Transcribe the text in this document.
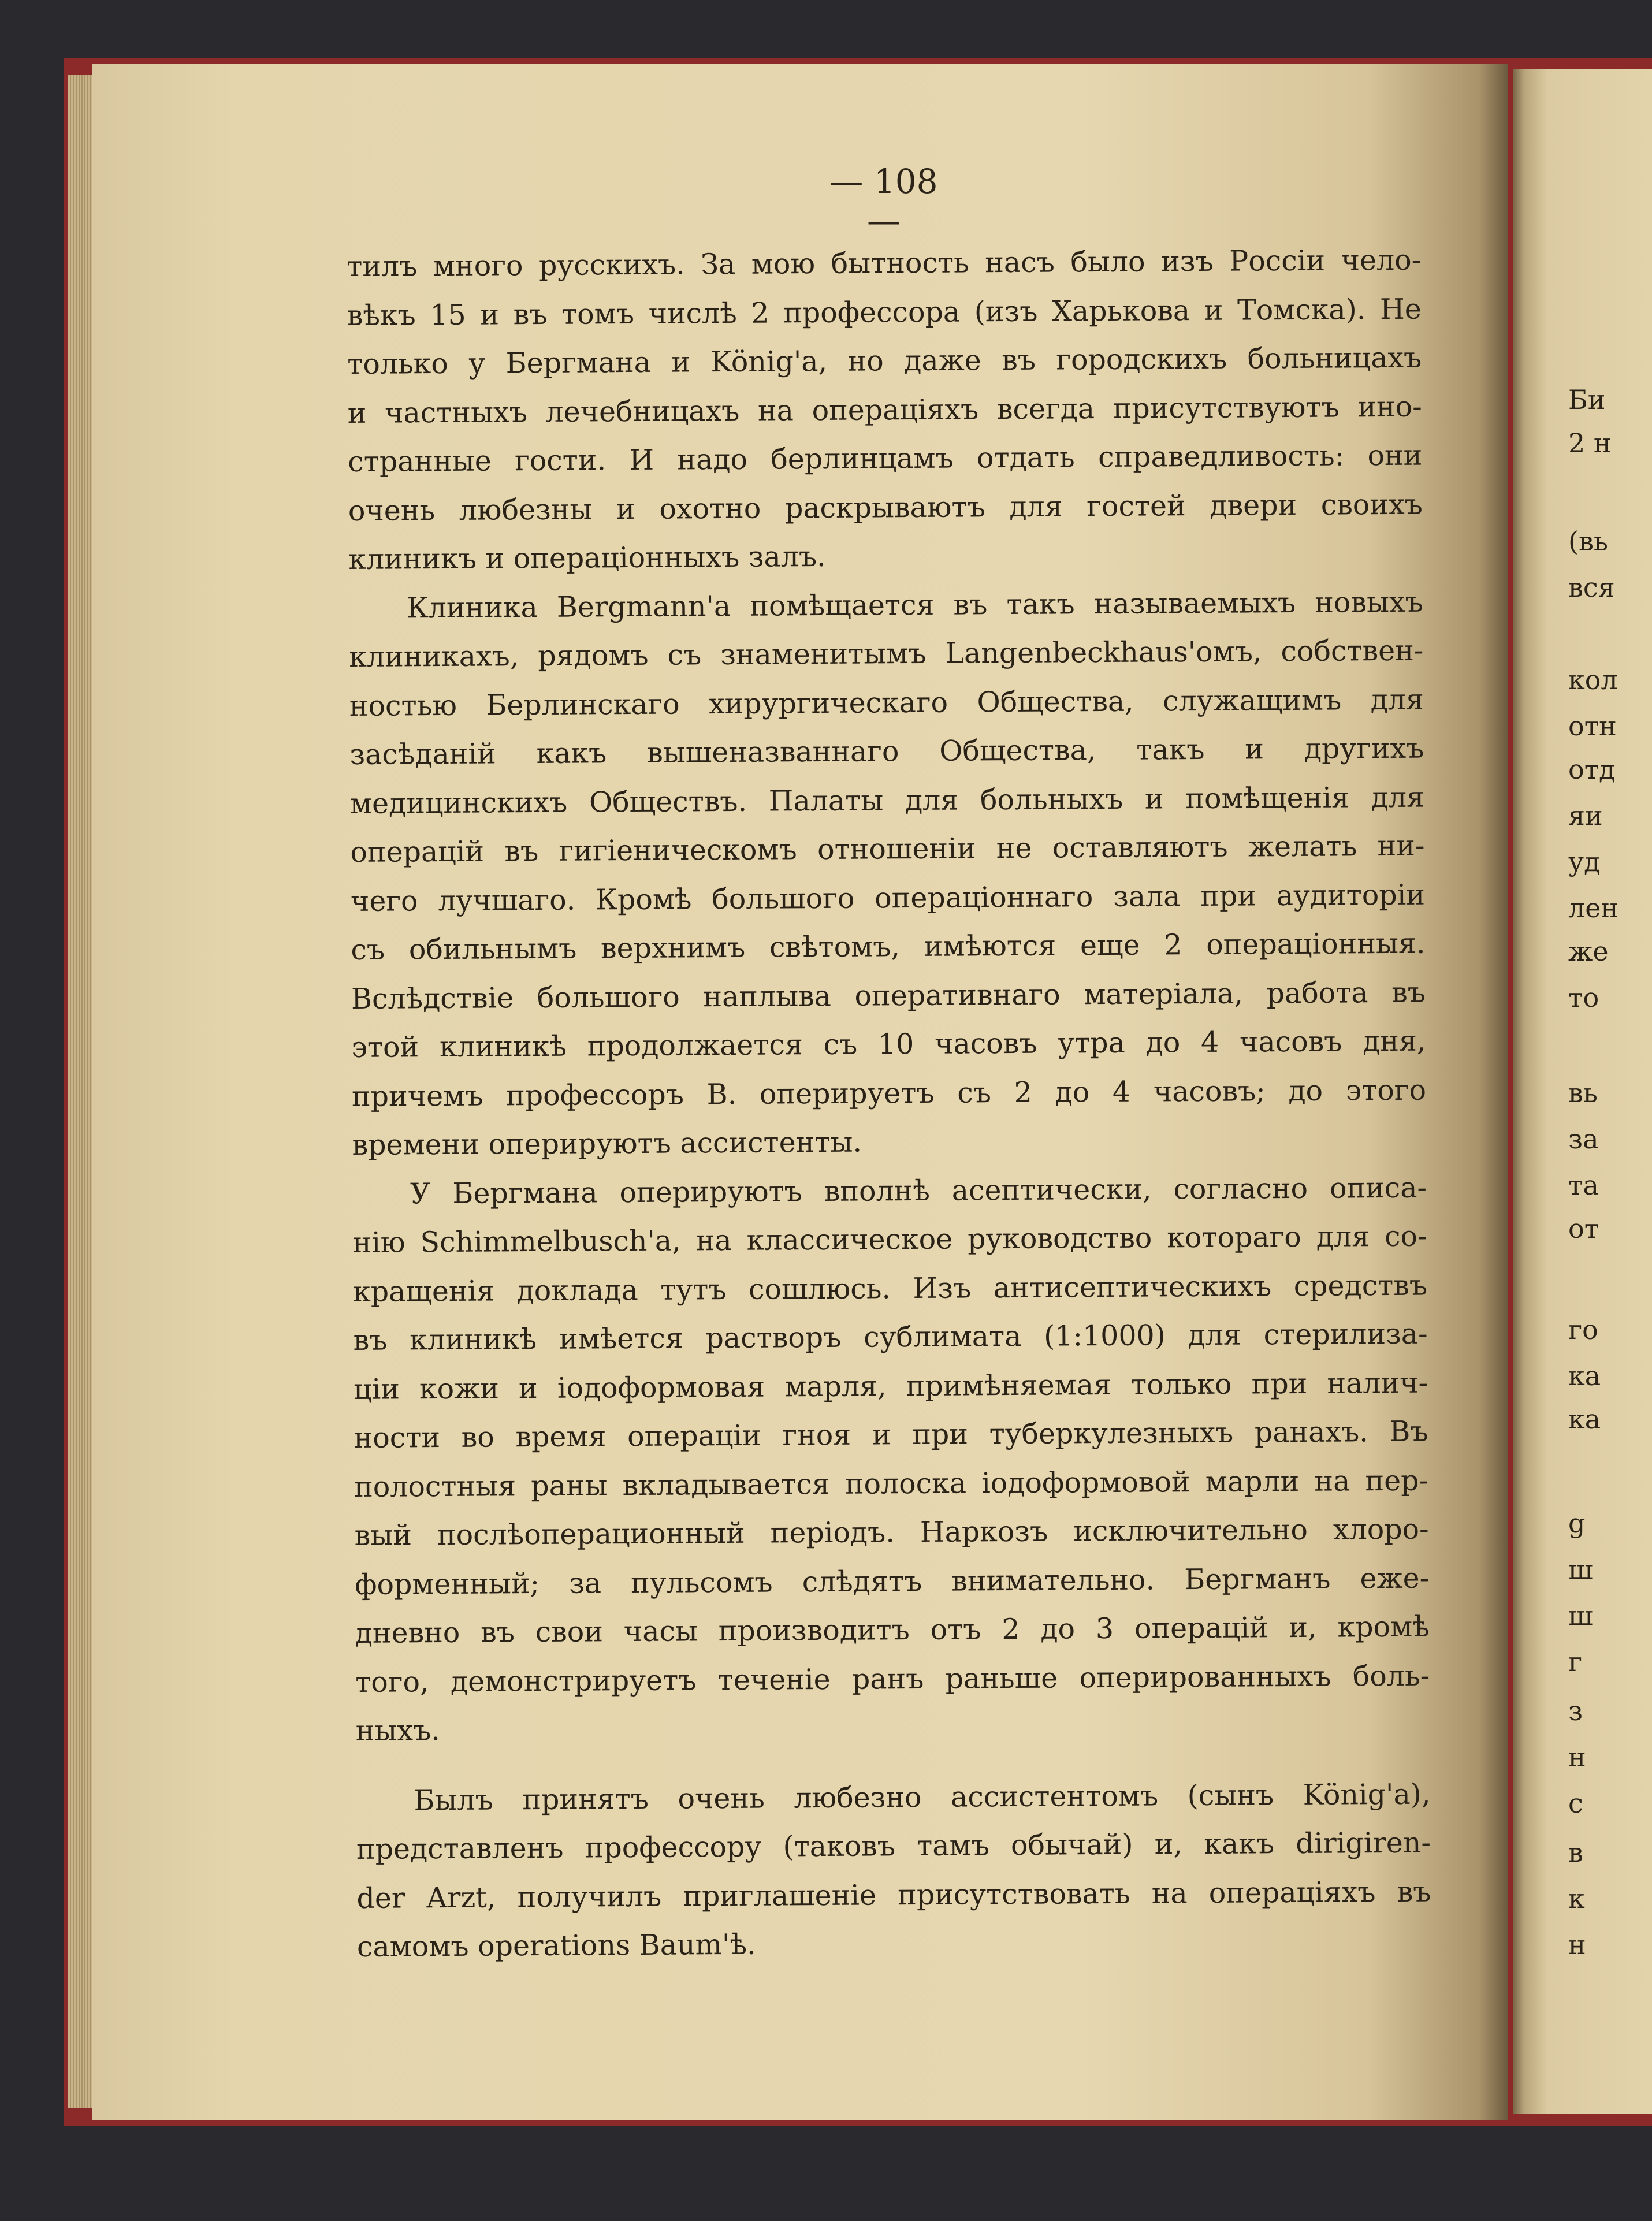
— 108 —
тилъ много русскихъ. За мою бытность насъ было изъ Россіи чело-
вѣкъ 15 и въ томъ числѣ 2 профессора (изъ Харькова и Томска). Не
только у Бергмана и König'а, но даже въ городскихъ больницахъ
и частныхъ лечебницахъ на операціяхъ всегда присутствуютъ ино-
странные гости. И надо берлинцамъ отдать справедливость: они
очень любезны и охотно раскрываютъ для гостей двери своихъ
клиникъ и операціонныхъ залъ.
Клиника Bergmann'а помѣщается въ такъ называемыхъ новыхъ
клиникахъ, рядомъ съ знаменитымъ Langenbeckhaus'омъ, собствен-
ностью Берлинскаго хирургическаго Общества, служащимъ для
засѣданій какъ вышеназваннаго Общества, такъ и другихъ
медицинскихъ Обществъ. Палаты для больныхъ и помѣщенія для
операцій въ гигіеническомъ отношеніи не оставляютъ желать ни-
чего лучшаго. Кромѣ большого операціоннаго зала при аудиторіи
съ обильнымъ верхнимъ свѣтомъ, имѣются еще 2 операціонныя.
Вслѣдствіе большого наплыва оперативнаго матеріала, работа въ
этой клиникѣ продолжается съ 10 часовъ утра до 4 часовъ дня,
причемъ профессоръ В. оперируетъ съ 2 до 4 часовъ; до этого
времени оперируютъ ассистенты.
У Бергмана оперируютъ вполнѣ асептически, согласно описа-
нію Schimmelbusch'а, на классическое руководство котораго для со-
кращенія доклада тутъ сошлюсь. Изъ антисептическихъ средствъ
въ клиникѣ имѣется растворъ сублимата (1:1000) для стерилиза-
ціи кожи и іодоформовая марля, примѣняемая только при налич-
ности во время операціи гноя и при туберкулезныхъ ранахъ. Въ
полостныя раны вкладывается полоска іодоформовой марли на пер-
вый послѣоперационный періодъ. Наркозъ исключительно хлоро-
форменный; за пульсомъ слѣдятъ внимательно. Бергманъ еже-
дневно въ свои часы производитъ отъ 2 до 3 операцій и, кромѣ
того, демонстрируетъ теченіе ранъ раньше оперированныхъ боль-
ныхъ.
Былъ принятъ очень любезно ассистентомъ (сынъ König'а),
представленъ профессору (таковъ тамъ обычай) и, какъ dirigiren-
der Arzt, получилъ приглашеніе присутствовать на операціяхъ въ
самомъ operations Baum'ѣ.
Би
2 н
(вь
вся
кол
отн
отд
яи
уд
лен
же
то
вь
за
та
от
го
ка
ка
g
ш
ш
г
з
н
с
в
к
н
